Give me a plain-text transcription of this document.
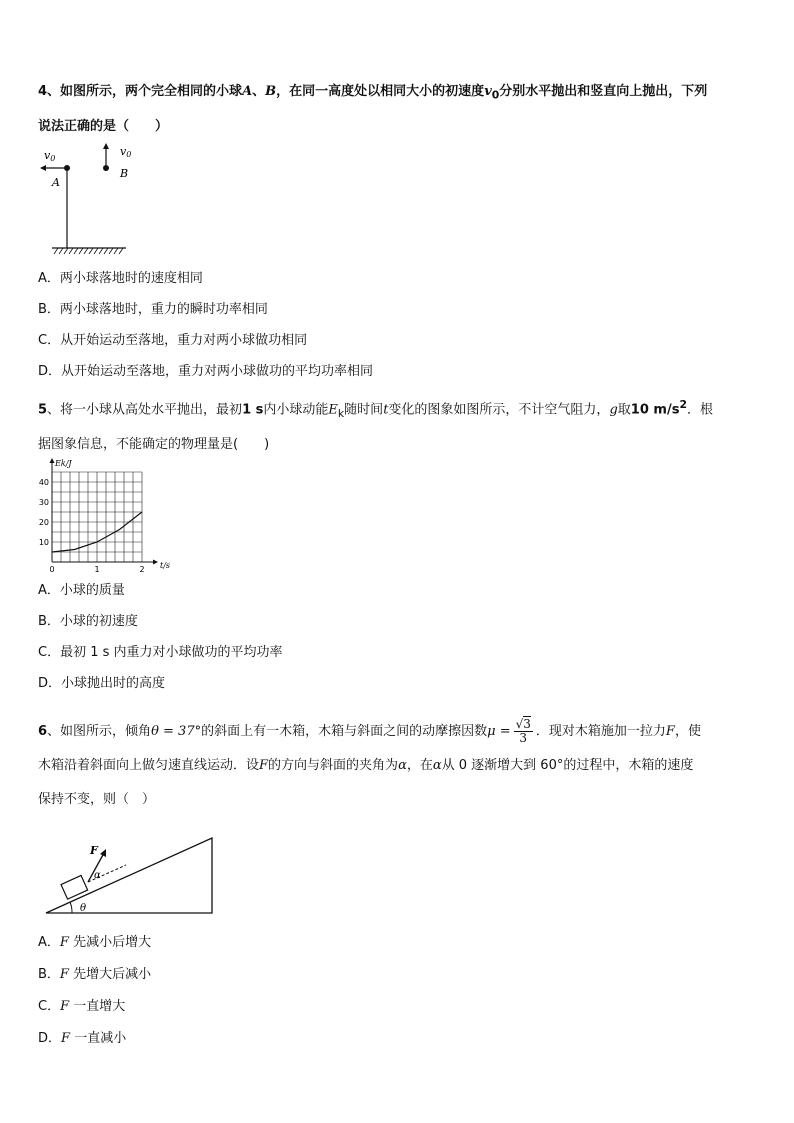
4、如图所示，两个完全相同的小球A、B，在同一高度处以相同大小的初速度$v_0$分别水平抛出和竖直向上抛出，下列
说法正确的是（　　）

v0
A
v0
B

A．两小球落地时的速度相同

B．两小球落地时，重力的瞬时功率相同

C．从开始运动至落地，重力对两小球做功相同

D．从开始运动至落地，重力对两小球做功的平均功率相同

5、将一小球从高处水平抛出，最初1 s内小球动能$E_k$随时间t变化的图象如图所示，不计空气阻力，g取10 $m/s^2$．根
据图象信息，不能确定的物理量是(　　)

10
20
30
40
0	1	2
Ek/J
t/s

A．小球的质量

B．小球的初速度

C．最初 1 s 内重力对小球做功的平均功率

D．小球抛出时的高度

6、如图所示，倾角θ = 37°的斜面上有一木箱，木箱与斜面之间的动摩擦因数$\mu = \frac{√3}{3}$ ．现对木箱施加一拉力F，使
木箱沿着斜面向上做匀速直线运动．设F的方向与斜面的夹角为α，在α从 0 逐渐增大到 60°的过程中，木箱的速度
保持不变，则（　）

F
α
θ

A．F 先减小后增大

B．F 先增大后减小

C．F 一直增大

D．F 一直减小
